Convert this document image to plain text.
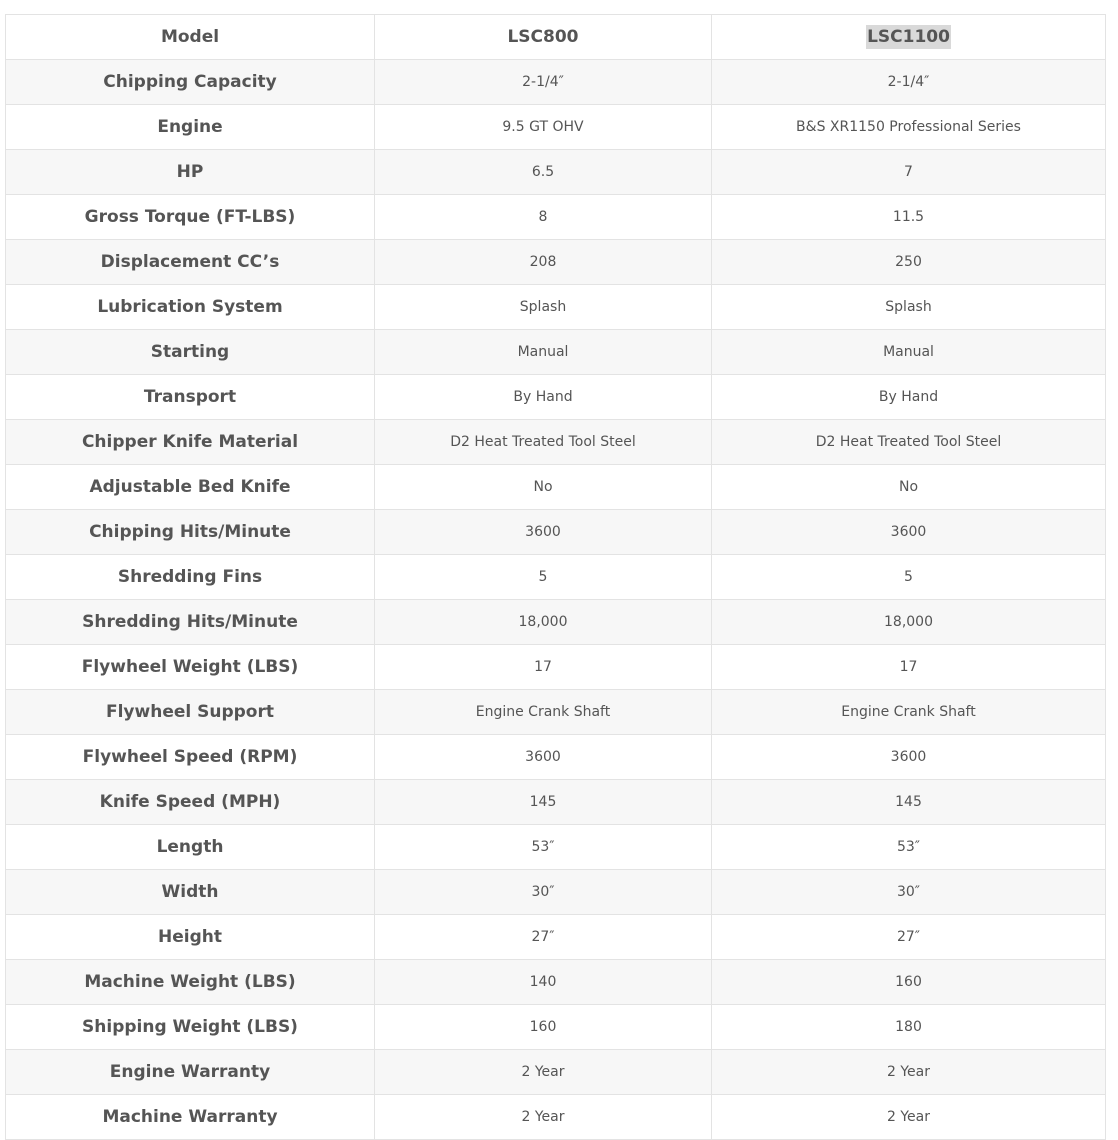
Model	LSC800	LSC1100
Chipping Capacity	2-1/4″	2-1/4″
Engine	9.5 GT OHV	B&S XR1150 Professional Series
HP	6.5	7
Gross Torque (FT-LBS)	8	11.5
Displacement CC’s	208	250
Lubrication System	Splash	Splash
Starting	Manual	Manual
Transport	By Hand	By Hand
Chipper Knife Material	D2 Heat Treated Tool Steel	D2 Heat Treated Tool Steel
Adjustable Bed Knife	No	No
Chipping Hits/Minute	3600	3600
Shredding Fins	5	5
Shredding Hits/Minute	18,000	18,000
Flywheel Weight (LBS)	17	17
Flywheel Support	Engine Crank Shaft	Engine Crank Shaft
Flywheel Speed (RPM)	3600	3600
Knife Speed (MPH)	145	145
Length	53″	53″
Width	30″	30″
Height	27″	27″
Machine Weight (LBS)	140	160
Shipping Weight (LBS)	160	180
Engine Warranty	2 Year	2 Year
Machine Warranty	2 Year	2 Year
